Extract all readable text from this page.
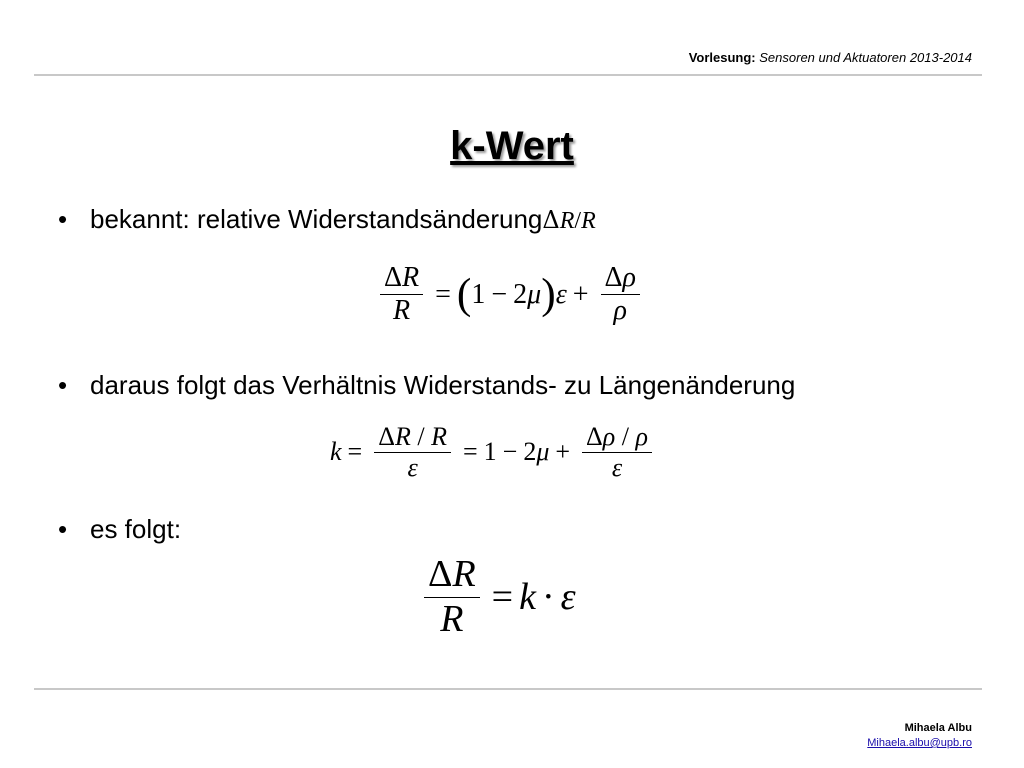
Vorlesung: Sensoren und Aktuatoren 2013-2014
k-Wert
• bekannt: relative Widerstandsänderung ΔR/R
$\frac{\Delta R}{R}$ = ( 1 − 2 μ ) $\varepsilon + \frac{\Delta\rho}{\rho}$
• daraus folgt das Verhältnis Widerstands- zu Längenänderung
$k = \frac{\Delta R / R}{\varepsilon} = 1 - 2$ $\mu + \frac{\Delta\rho / \rho}{\varepsilon}$
• es folgt:
$\frac{\Delta R}{R} = k \cdot \varepsilon$
Mihaela Albu
Mihaela.albu@upb.ro
